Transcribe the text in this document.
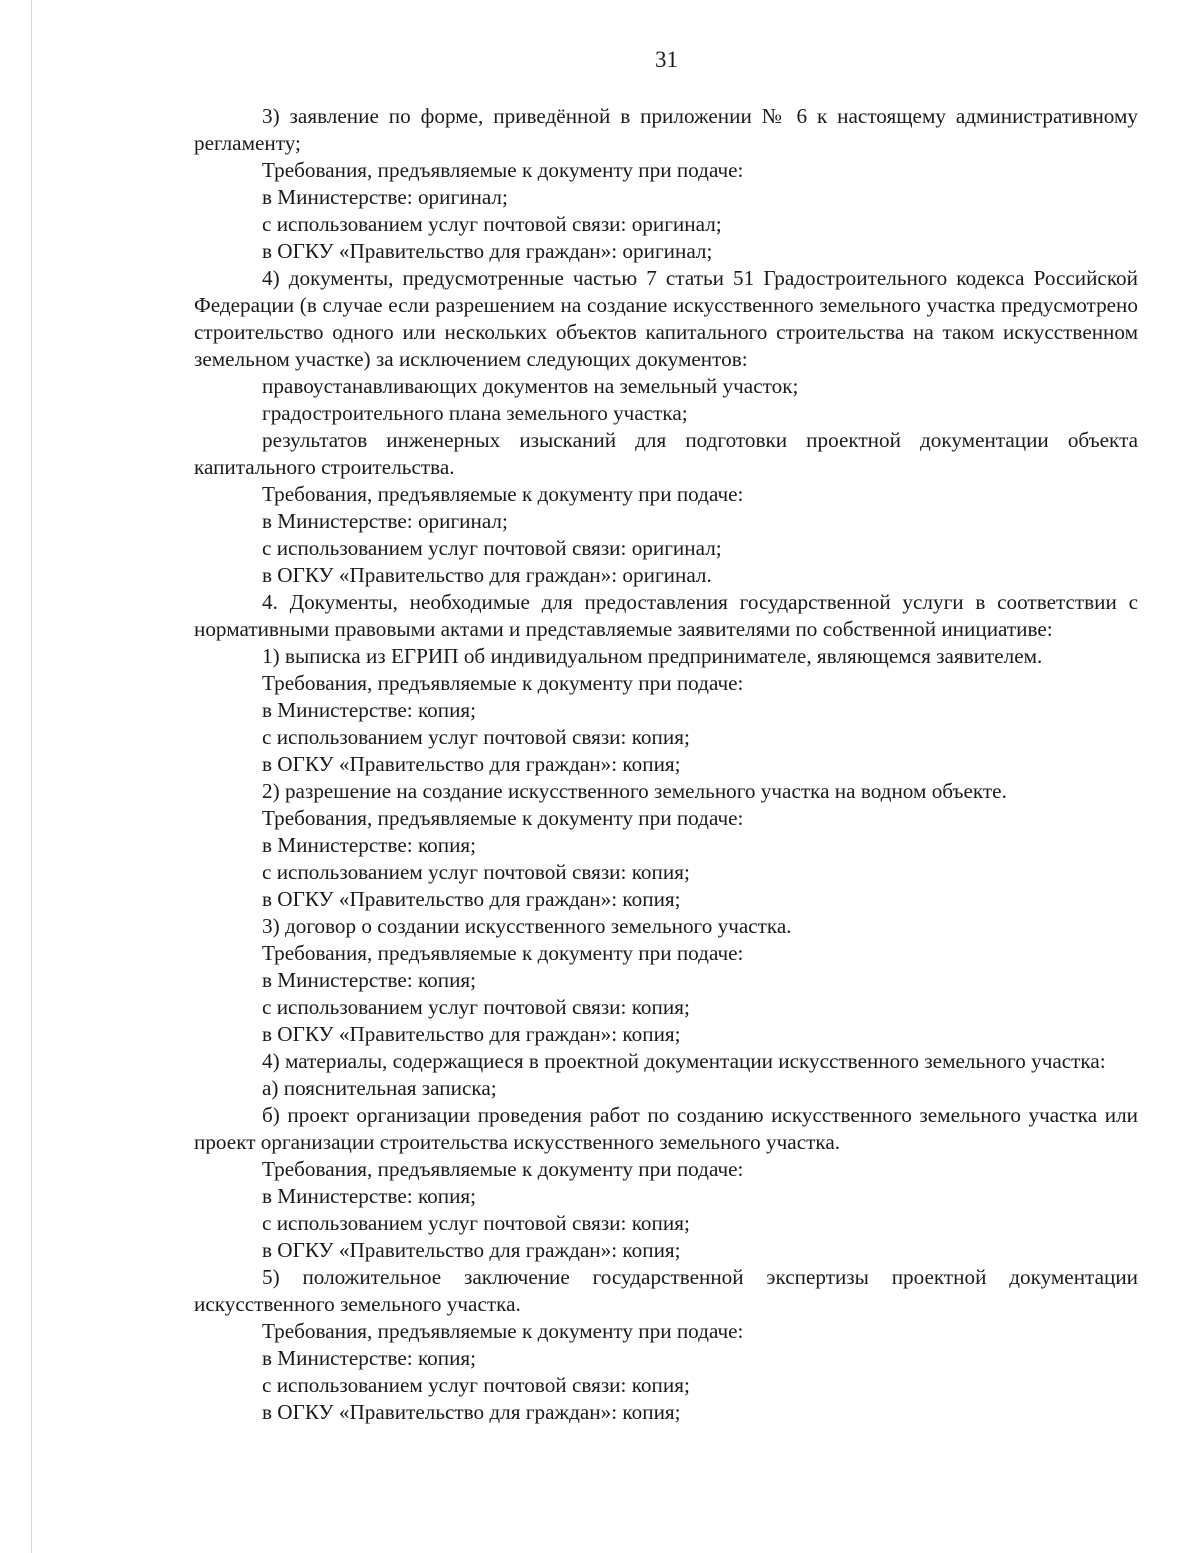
31

3) заявление по форме, приведённой в приложении № 6 к настоящему административному регламенту;

Требования, предъявляемые к документу при подаче:

в Министерстве: оригинал;

с использованием услуг почтовой связи: оригинал;

в ОГКУ «Правительство для граждан»: оригинал;

4) документы, предусмотренные частью 7 статьи 51 Градостроительного кодекса Российской Федерации (в случае если разрешением на создание искусственного земельного участка предусмотрено строительство одного или нескольких объектов капитального строительства на таком искусственном земельном участке) за исключением следующих документов:

правоустанавливающих документов на земельный участок;

градостроительного плана земельного участка;

результатов инженерных изысканий для подготовки проектной документации объекта капитального строительства.

Требования, предъявляемые к документу при подаче:

в Министерстве: оригинал;

с использованием услуг почтовой связи: оригинал;

в ОГКУ «Правительство для граждан»: оригинал.

4. Документы, необходимые для предоставления государственной услуги в соответствии с нормативными правовыми актами и представляемые заявителями по собственной инициативе:

1) выписка из ЕГРИП об индивидуальном предпринимателе, являющемся заявителем.

Требования, предъявляемые к документу при подаче:

в Министерстве: копия;

с использованием услуг почтовой связи: копия;

в ОГКУ «Правительство для граждан»: копия;

2) разрешение на создание искусственного земельного участка на водном объекте.

Требования, предъявляемые к документу при подаче:

в Министерстве: копия;

с использованием услуг почтовой связи: копия;

в ОГКУ «Правительство для граждан»: копия;

3) договор о создании искусственного земельного участка.

Требования, предъявляемые к документу при подаче:

в Министерстве: копия;

с использованием услуг почтовой связи: копия;

в ОГКУ «Правительство для граждан»: копия;

4) материалы, содержащиеся в проектной документации искусственного земельного участка:

а) пояснительная записка;

б) проект организации проведения работ по созданию искусственного земельного участка или проект организации строительства искусственного земельного участка.

Требования, предъявляемые к документу при подаче:

в Министерстве: копия;

с использованием услуг почтовой связи: копия;

в ОГКУ «Правительство для граждан»: копия;

5) положительное заключение государственной экспертизы проектной документации искусственного земельного участка.

Требования, предъявляемые к документу при подаче:

в Министерстве: копия;

с использованием услуг почтовой связи: копия;

в ОГКУ «Правительство для граждан»: копия;
